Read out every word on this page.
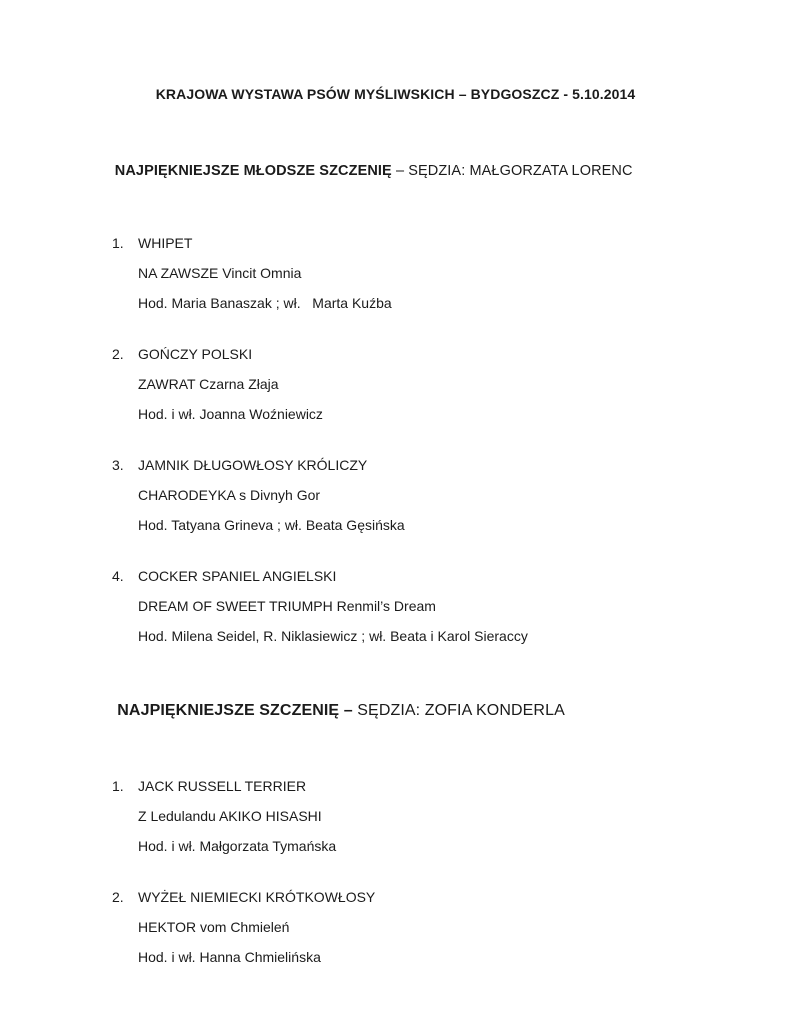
KRAJOWA WYSTAWA PSÓW MYŚLIWSKICH – BYDGOSZCZ - 5.10.2014

NAJPIĘKNIEJSZE MŁODSZE SZCZENIĘ – SĘDZIA: MAŁGORZATA LORENC

1.	WHIPET
NA ZAWSZE Vincit Omnia
Hod. Maria Banaszak ; wł.   Marta Kuźba
2.	GOŃCZY POLSKI
ZAWRAT Czarna Złaja
Hod. i wł. Joanna Woźniewicz
3.	JAMNIK DŁUGOWŁOSY KRÓLICZY
CHARODEYKA s Divnyh Gor
Hod. Tatyana Grineva ; wł. Beata Gęsińska
4.	COCKER SPANIEL ANGIELSKI
DREAM OF SWEET TRIUMPH Renmil’s Dream
Hod. Milena Seidel, R. Niklasiewicz ; wł. Beata i Karol Sieraccy

NAJPIĘKNIEJSZE SZCZENIĘ – SĘDZIA: ZOFIA KONDERLA

1.	JACK RUSSELL TERRIER
Z Ledulandu AKIKO HISASHI
Hod. i wł. Małgorzata Tymańska
2.	WYŻEŁ NIEMIECKI KRÓTKOWŁOSY
HEKTOR vom Chmieleń
Hod. i wł. Hanna Chmielińska
